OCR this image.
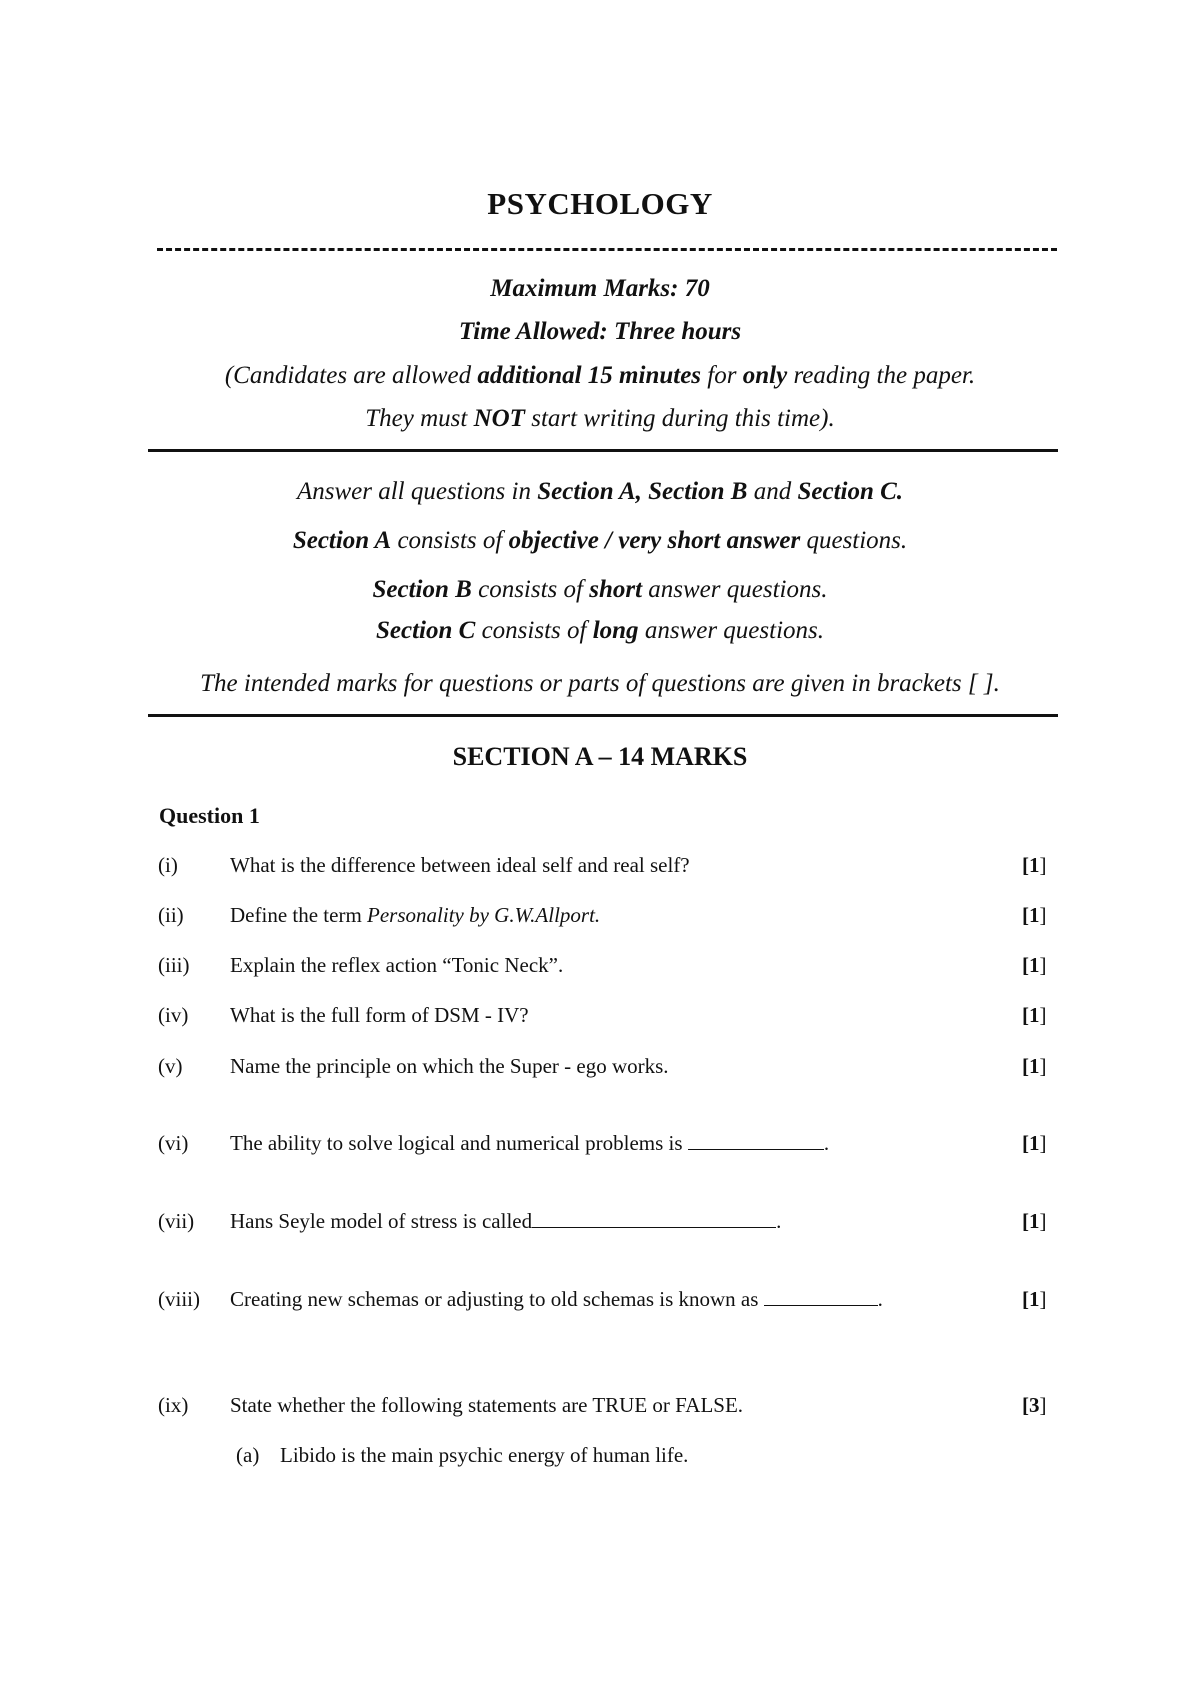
PSYCHOLOGY
Maximum Marks: 70
Time Allowed: Three hours
(Candidates are allowed additional 15 minutes for only reading the paper.
They must NOT start writing during this time).
Answer all questions in Section A, Section B and Section C.
Section A consists of objective / very short answer questions.
Section B consists of short answer questions.
Section C consists of long answer questions.
The intended marks for questions or parts of questions are given in brackets [ ].
SECTION A – 14 MARKS
Question 1
(i) What is the difference between ideal self and real self?	[1]
(ii) Define the term Personality by G.W.Allport.	[1]
(iii) Explain the reflex action “Tonic Neck”.	[1]
(iv) What is the full form of DSM - IV?	[1]
(v) Name the principle on which the Super - ego works.	[1]
(vi) The ability to solve logical and numerical problems is	.	[1]
(vii) Hans Seyle model of stress is called	.	[1]
(viii) Creating new schemas or adjusting to old schemas is known as	.	[1]
(ix) State whether the following statements are TRUE or FALSE.	[3]
(a) Libido is the main psychic energy of human life.
